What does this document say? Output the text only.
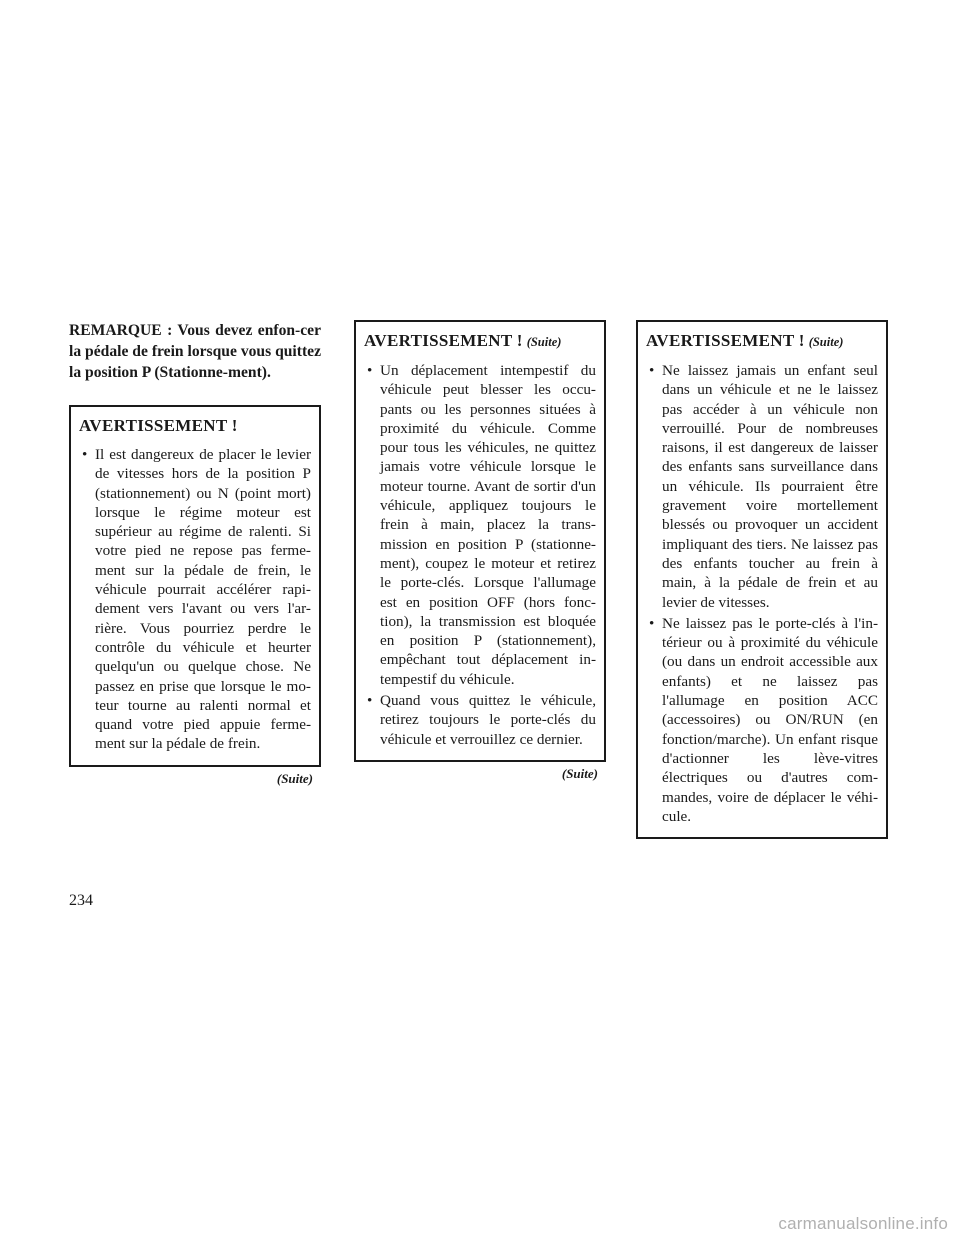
REMARQUE : Vous devez enfon-cer la pédale de frein lorsque vous quittez la position P (Stationne-ment).

AVERTISSEMENT !
• Il est dangereux de placer le levier de vitesses hors de la position P (stationnement) ou N (point mort) lorsque le régime moteur est supérieur au régime de ralenti. Si votre pied ne repose pas ferme-ment sur la pédale de frein, le véhicule pourrait accélérer rapi-dement vers l'avant ou vers l'ar-rière. Vous pourriez perdre le contrôle du véhicule et heurter quelqu'un ou quelque chose. Ne passez en prise que lorsque le mo-teur tourne au ralenti normal et quand votre pied appuie ferme-ment sur la pédale de frein.
(Suite)
AVERTISSEMENT ! (Suite)
• Un déplacement intempestif du véhicule peut blesser les occu-pants ou les personnes situées à proximité du véhicule. Comme pour tous les véhicules, ne quittez jamais votre véhicule lorsque le moteur tourne. Avant de sortir d'un véhicule, appliquez toujours le frein à main, placez la trans-mission en position P (stationne-ment), coupez le moteur et retirez le porte-clés. Lorsque l'allumage est en position OFF (hors fonc-tion), la transmission est bloquée en position P (stationnement), empêchant tout déplacement in-tempestif du véhicule.
• Quand vous quittez le véhicule, retirez toujours le porte-clés du véhicule et verrouillez ce dernier.
(Suite)
AVERTISSEMENT ! (Suite)
• Ne laissez jamais un enfant seul dans un véhicule et ne le laissez pas accéder à un véhicule non verrouillé. Pour de nombreuses raisons, il est dangereux de laisser des enfants sans surveillance dans un véhicule. Ils pourraient être gravement voire mortellement blessés ou provoquer un accident impliquant des tiers. Ne laissez pas des enfants toucher au frein à main, à la pédale de frein et au levier de vitesses.
• Ne laissez pas le porte-clés à l'in-térieur ou à proximité du véhicule (ou dans un endroit accessible aux enfants) et ne laissez pas l'allumage en position ACC (accessoires) ou ON/RUN (en fonction/marche). Un enfant risque d'actionner les lève-vitres électriques ou d'autres com-mandes, voire de déplacer le véhi-cule.
234
carmanualsonline.info
